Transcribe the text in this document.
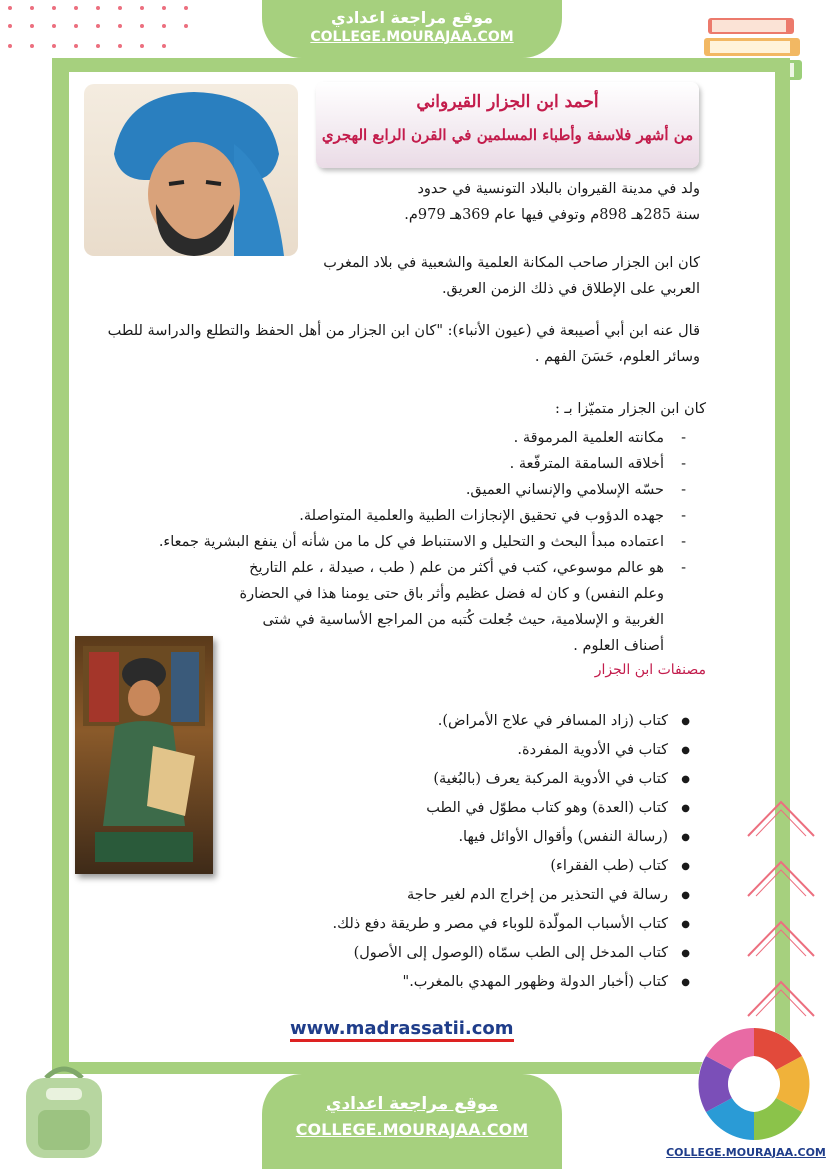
موقع مراجعة اعدادي
COLLEGE.MOURAJAA.COM
أحمد ابن الجزار القيرواني
من أشهر فلاسفة وأطباء المسلمين في القرن الرابع الهجري
ولد في مدينة القيروان بالبلاد التونسية في حدود
سنة 285هـ 898م وتوفي فيها عام 369هـ 979م.
كان ابن الجزار صاحب المكانة العلمية والشعبية في بلاد المغرب العربي على الإطلاق في ذلك الزمن العريق.
قال عنه ابن أبي أصيبعة في (عيون الأنباء): "كان ابن الجزار من أهل الحفظ والتطلع والدراسة للطب وسائر العلوم، حَسَنَ الفهم .
كان ابن الجزار متميّزا بـ :
- مكانته العلمية المرموقة .
- أخلاقه السامقة المترفّعة .
- حسّه الإسلامي والإنساني العميق.
- جهده الدؤوب في تحقيق الإنجازات الطبية والعلمية المتواصلة.
- اعتماده مبدأ البحث و التحليل و الاستنباط في كل ما من شأنه أن ينفع البشرية جمعاء.
- هو عالم موسوعي، كتب في أكثر من علم ( طب ، صيدلة ، علم التاريخ وعلم النفس) و كان له فضل عظيم وأثر باق حتى يومنا هذا في الحضارة الغربية و الإسلامية، حيث جُعلت كُتبه من المراجع الأساسية في شتى أصناف العلوم .
مصنفات ابن الجزار
● كتاب (زاد المسافر في علاج الأمراض).
● كتاب في الأدوية المفردة.
● كتاب في الأدوية المركبة يعرف (بالبُغية)
● كتاب (العدة) وهو كتاب مطوّل في الطب
● (رسالة النفس) وأقوال الأوائل فيها.
● كتاب (طب الفقراء)
● رسالة في التحذير من إخراج الدم لغير حاجة
● كتاب الأسباب المولّدة للوباء في مصر و طريقة دفع ذلك.
● كتاب المدخل إلى الطب سمّاه (الوصول إلى الأصول)
● كتاب (أخبار الدولة وظهور المهدي بالمغرب."
www.madrassatii.com
موقع مراجعة اعدادي
COLLEGE.MOURAJAA.COM
COLLEGE.MOURAJAA.COM
